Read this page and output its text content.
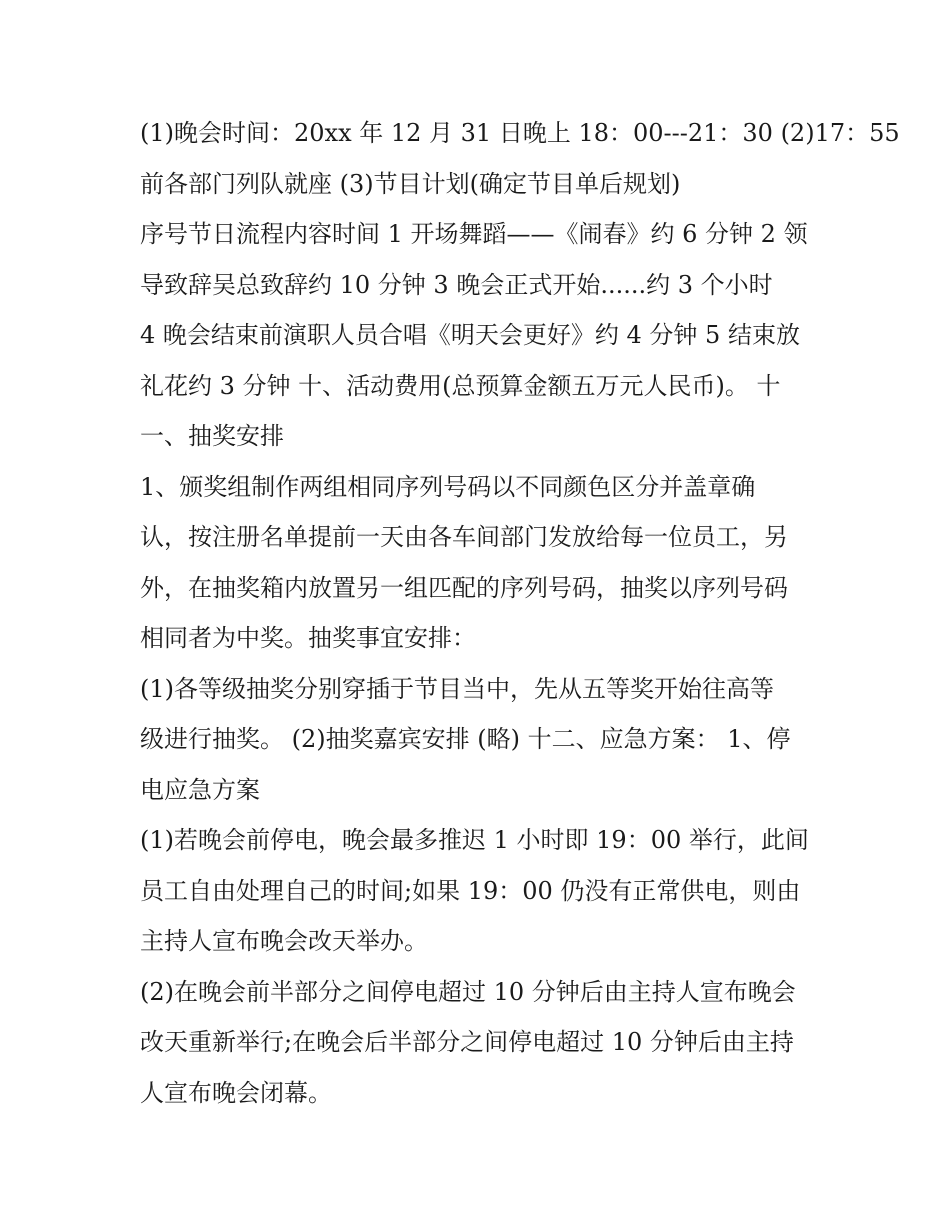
(1)晚会时间：20xx 年 12 月 31 日晚上 18：00---21：30 (2)17：55
前各部门列队就座 (3)节目计划(确定节目单后规划)
序号节日流程内容时间 1 开场舞蹈——《闹春》约 6 分钟 2 领
导致辞吴总致辞约 10 分钟 3 晚会正式开始......约 3 个小时
4 晚会结束前演职人员合唱《明天会更好》约 4 分钟 5 结束放
礼花约 3 分钟 十、活动费用(总预算金额五万元人民币)。 十
一、抽奖安排
1、颁奖组制作两组相同序列号码以不同颜色区分并盖章确
认，按注册名单提前一天由各车间部门发放给每一位员工，另
外，在抽奖箱内放置另一组匹配的序列号码，抽奖以序列号码
相同者为中奖。抽奖事宜安排：
(1)各等级抽奖分别穿插于节目当中，先从五等奖开始往高等
级进行抽奖。 (2)抽奖嘉宾安排 (略) 十二、应急方案： 1、停
电应急方案
(1)若晚会前停电，晚会最多推迟 1 小时即 19：00 举行，此间
员工自由处理自己的时间;如果 19：00 仍没有正常供电，则由
主持人宣布晚会改天举办。
(2)在晚会前半部分之间停电超过 10 分钟后由主持人宣布晚会
改天重新举行;在晚会后半部分之间停电超过 10 分钟后由主持
人宣布晚会闭幕。
